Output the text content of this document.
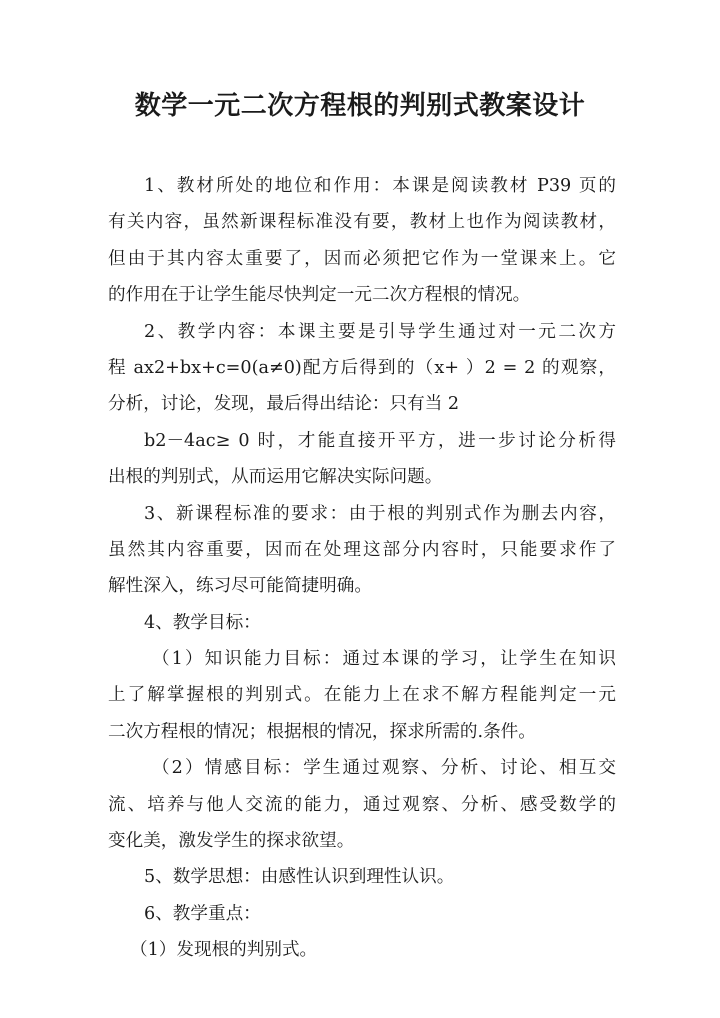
数学一元二次方程根的判别式教案设计
1、教材所处的地位和作用：本课是阅读教材 P39 页的
有关内容，虽然新课程标准没有要，教材上也作为阅读教材，
但由于其内容太重要了，因而必须把它作为一堂课来上。它
的作用在于让学生能尽快判定一元二次方程根的情况。
2、教学内容：本课主要是引导学生通过对一元二次方
程 ax2+bx+c=0(a≠0)配方后得到的（x+ ）2 = 2 的观察，
分析，讨论，发现，最后得出结论：只有当 2
b2－4ac≥ 0 时，才能直接开平方，进一步讨论分析得
出根的判别式，从而运用它解决实际问题。
3、新课程标准的要求：由于根的判别式作为删去内容，
虽然其内容重要，因而在处理这部分内容时，只能要求作了
解性深入，练习尽可能简捷明确。
4、教学目标：
（1）知识能力目标：通过本课的学习，让学生在知识
上了解掌握根的判别式。在能力上在求不解方程能判定一元
二次方程根的情况；根据根的情况，探求所需的.条件。
（2）情感目标：学生通过观察、分析、讨论、相互交
流、培养与他人交流的能力，通过观察、分析、感受数学的
变化美，激发学生的探求欲望。
5、数学思想：由感性认识到理性认识。
6、教学重点：
（1）发现根的判别式。
